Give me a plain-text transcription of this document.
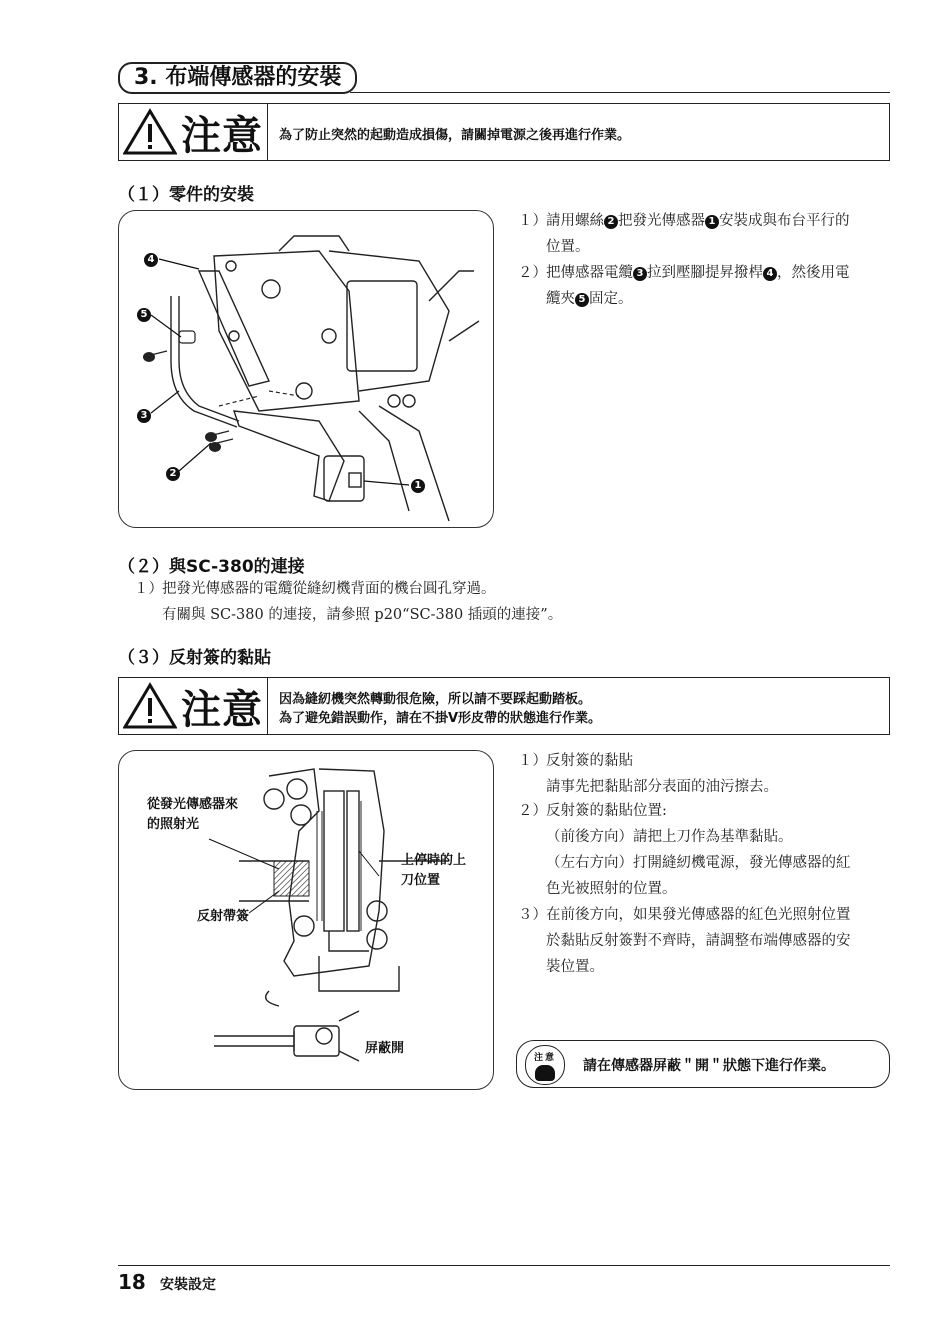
3. 布端傳感器的安裝
注意 為了防止突然的起動造成損傷，請關掉電源之後再進行作業。
（１）零件的安裝
4
5
3
2
1
１）請用螺絲 2 把發光傳感器 1 安裝成與布台平行的
位置。
２）把傳感器電纜 3 拉到壓腳提昇撥桿 4 ，然後用電
纜夾 5 固定。
（２）與SC-380的連接
１）把發光傳感器的電纜從縫紉機背面的機台圓孔穿過。
有關與 SC-380 的連接，請參照 p20“SC-380 插頭的連接”。
（３）反射簽的黏貼
注意 因為縫紉機突然轉動很危險，所以請不要踩起動踏板。
為了避免錯誤動作，請在不掛V形皮帶的狀態進行作業。
從發光傳感器來
的照射光
上停時的上
刀位置
反射帶簽
屏蔽開
１）反射簽的黏貼
請事先把黏貼部分表面的油污擦去。
２）反射簽的黏貼位置:
（前後方向）請把上刀作為基準黏貼。
（左右方向）打開縫紉機電源，發光傳感器的紅
色光被照射的位置。
３）在前後方向，如果發光傳感器的紅色光照射位置
於黏貼反射簽對不齊時，請調整布端傳感器的安
裝位置。
注意	請在傳感器屏蔽＂開＂狀態下進行作業。
18 安裝設定
